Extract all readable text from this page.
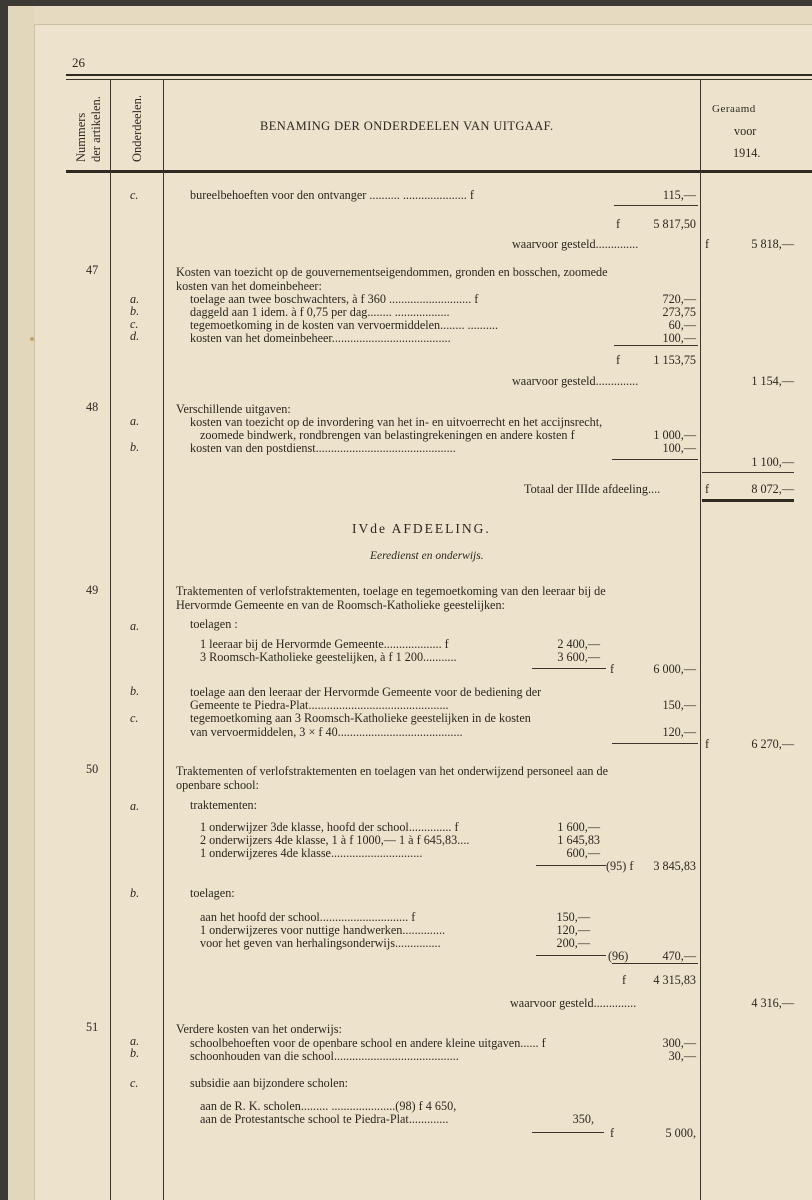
26
Nummers der artikelen. Onderdeelen.	BENAMING DER ONDERDEELEN VAN UITGAAF.
Geraamd
voor
1914.
c.	bureelbehoeften voor den ontvanger .......... ..................... f	115,—
f	5 817,50
waarvoor gesteld..............	f	5 818,—
47	Kosten van toezicht op de gouvernementseigendommen, gronden en bosschen, zoomede
kosten van het domeinbeheer:
a.	toelage aan twee boschwachters, à f 360 ........................... f	720,—
b.	daggeld aan 1 idem. à f 0,75 per dag........ ..................	273,75
c.	tegemoetkoming in de kosten van vervoermiddelen........ ..........	60,—
d.	kosten van het domeinbeheer.......................................	100,—
f	1 153,75
waarvoor gesteld..............	1 154,—
48	Verschillende uitgaven:
a.	kosten van toezicht op de invordering van het in- en uitvoerrecht en het accijnsrecht,
zoomede bindwerk, rondbrengen van belastingrekeningen en andere kosten f	1 000,—
b.	kosten van den postdienst..............................................	100,—
1 100,—
Totaal der IIIde afdeeling....	f	8 072,—
IVde AFDEELING.
Eeredienst en onderwijs.
49	Traktementen of verlofstraktementen, toelage en tegemoetkoming van den leeraar bij de
Hervormde Gemeente en van de Roomsch-Katholieke geestelijken:
a.	toelagen :
1 leeraar bij de Hervormde Gemeente................... f	2 400,—
3 Roomsch-Katholieke geestelijken, à f 1 200...........	3 600,—
f	6 000,—
b.	toelage aan den leeraar der Hervormde Gemeente voor de bediening der
Gemeente te Piedra-Plat..............................................	150,—
c.	tegemoetkoming aan 3 Roomsch-Katholieke geestelijken in de kosten
van vervoermiddelen, 3 × f 40.........................................	120,—
f	6 270,—
50	Traktementen of verlofstraktementen en toelagen van het onderwijzend personeel aan de
openbare school:
a.	traktementen:
1 onderwijzer 3de klasse, hoofd der school.............. f	1 600,—
2 onderwijzers 4de klasse, 1 à f 1000,— 1 à f 645,83....	1 645,83
1 onderwijzeres 4de klasse..............................	600,—
(95) f	3 845,83
b.	toelagen:
aan het hoofd der school............................. f	150,—
1 onderwijzeres voor nuttige handwerken..............	120,—
voor het geven van herhalingsonderwijs...............	200,—
(96)	470,—
f	4 315,83
waarvoor gesteld..............	4 316,—
51	Verdere kosten van het onderwijs:
a.	schoolbehoeften voor de openbare school en andere kleine uitgaven...... f	300,—
b.	schoonhouden van die school.........................................	30,—
c.	subsidie aan bijzondere scholen:
aan de R. K. scholen......... .....................(98) f 4 650,
aan de Protestantsche school te Piedra-Plat.............	350,
f	5 000,
